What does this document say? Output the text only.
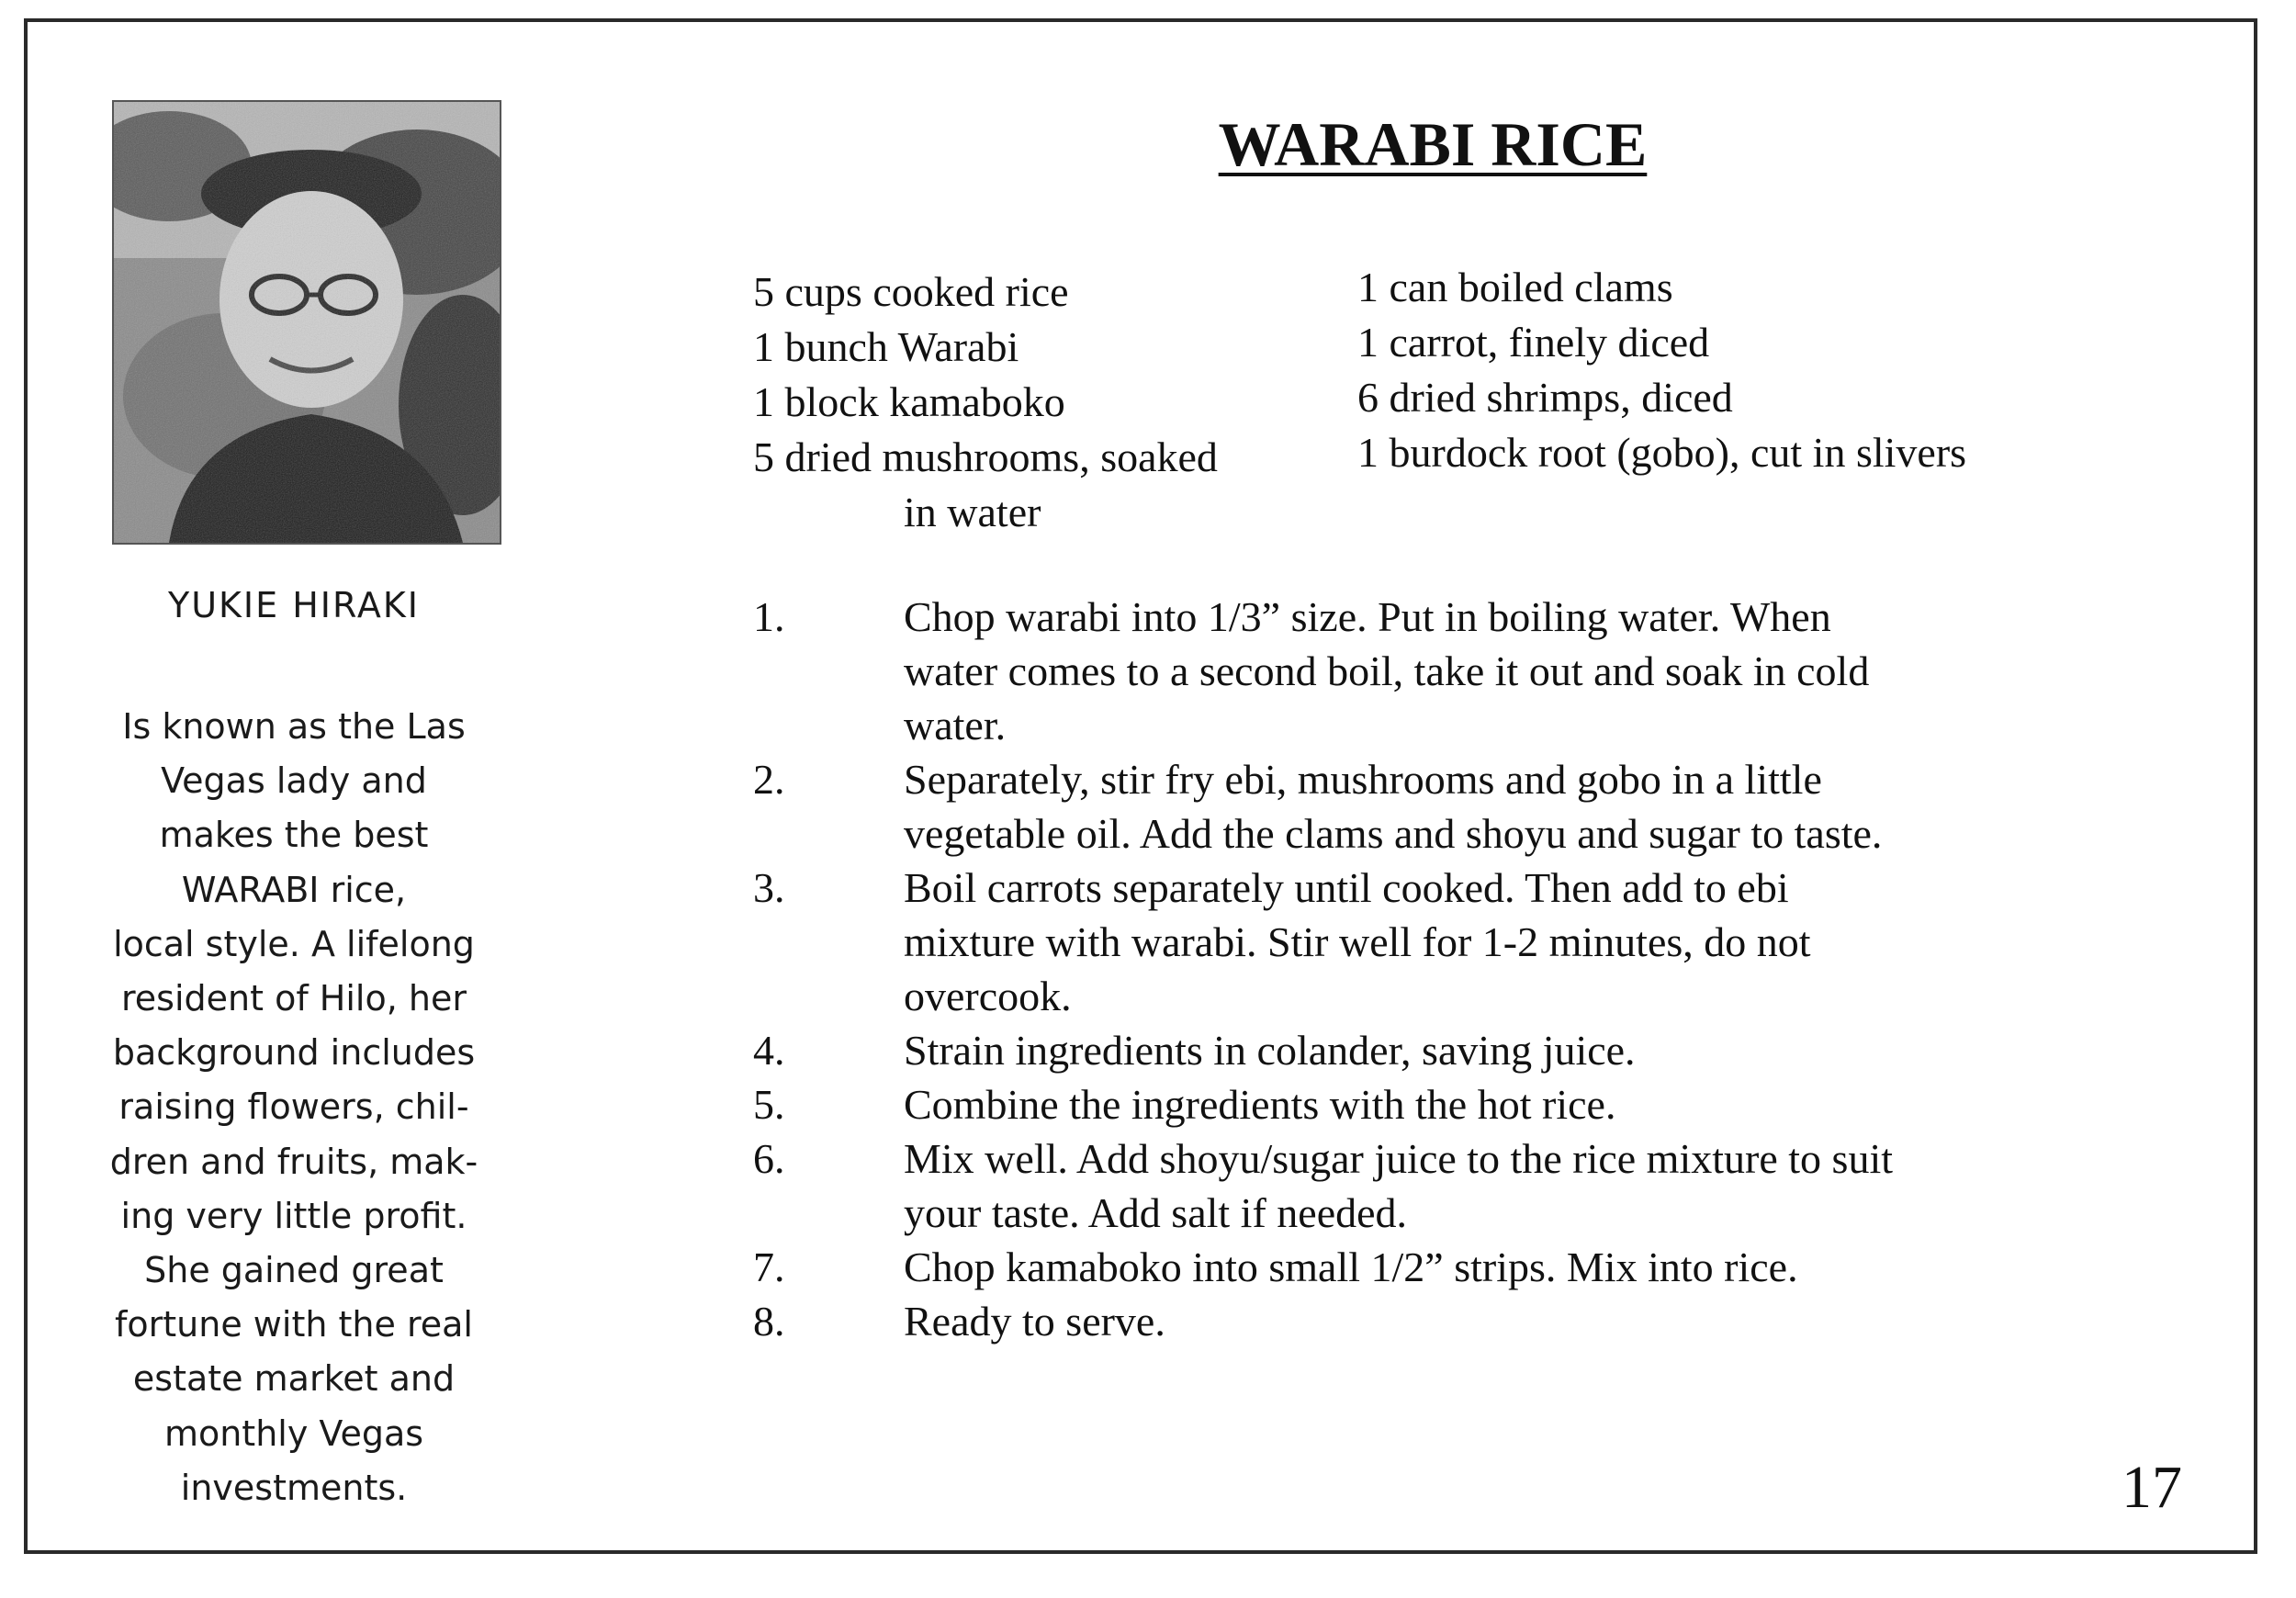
YUKIE HIRAKI
Is known as the Las
Vegas lady and
makes the best
WARABI rice,
local style. A lifelong
resident of Hilo, her
background includes
raising flowers, chil-
dren and fruits, mak-
ing very little profit.
She gained great
fortune with the real
estate market and
monthly Vegas
investments.
WARABI RICE
5 cups cooked rice
1 bunch Warabi
1 block kamaboko
5 dried mushrooms, soaked
in water
1 can boiled clams
1 carrot, finely diced
6 dried shrimps, diced
1 burdock root (gobo), cut in slivers
1.	Chop warabi into 1/3” size. Put in boiling water. When
water comes to a second boil, take it out and soak in cold
water.
2.	Separately, stir fry ebi, mushrooms and gobo in a little
vegetable oil. Add the clams and shoyu and sugar to taste.
3.	Boil carrots separately until cooked. Then add to ebi
mixture with warabi. Stir well for 1-2 minutes, do not
overcook.
4.	Strain ingredients in colander, saving juice.
5.	Combine the ingredients with the hot rice.
6.	Mix well. Add shoyu/sugar juice to the rice mixture to suit
your taste. Add salt if needed.
7.	Chop kamaboko into small 1/2” strips. Mix into rice.
8.	Ready to serve.
17
